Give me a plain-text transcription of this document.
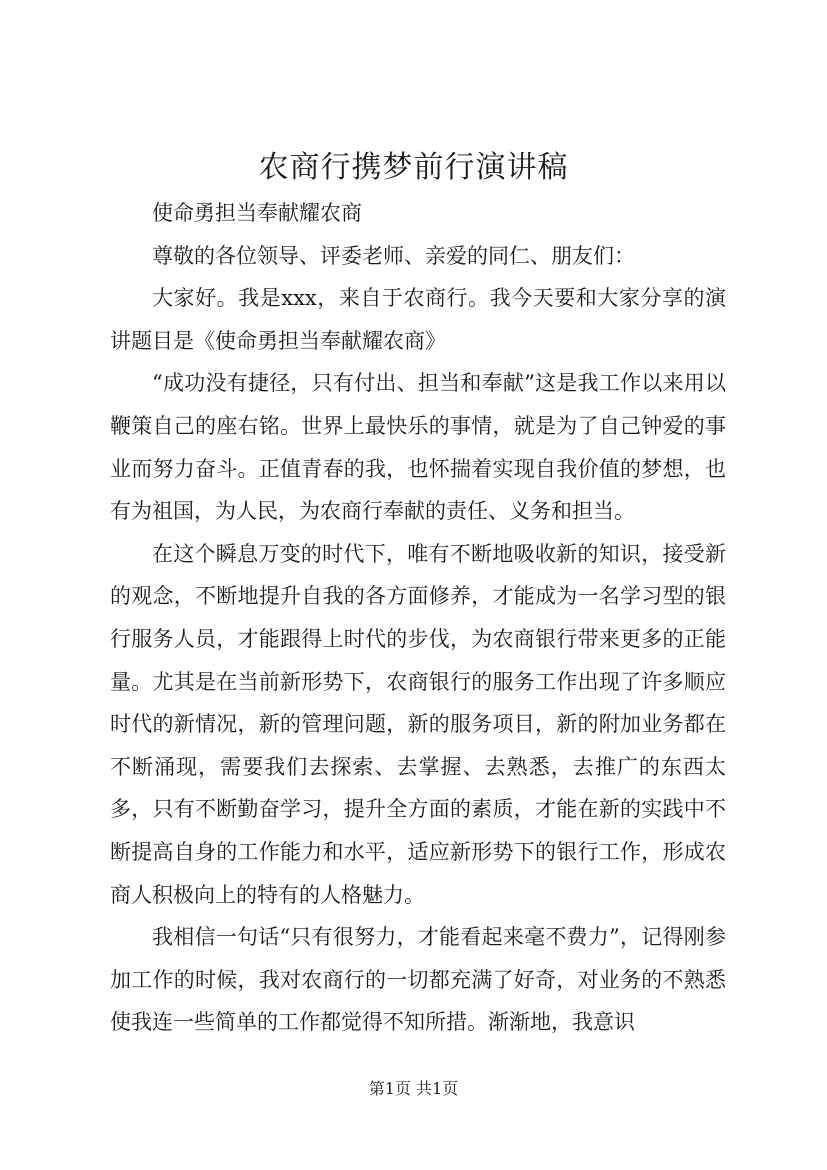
农商行携梦前行演讲稿

使命勇担当奉献耀农商

尊敬的各位领导、评委老师、亲爱的同仁、朋友们：

大家好。我是xxx，来自于农商行。我今天要和大家分享的演讲题目是《使命勇担当奉献耀农商》

“成功没有捷径，只有付出、担当和奉献”这是我工作以来用以鞭策自己的座右铭。世界上最快乐的事情，就是为了自己钟爱的事业而努力奋斗。正值青春的我，也怀揣着实现自我价值的梦想，也有为祖国，为人民，为农商行奉献的责任、义务和担当。

在这个瞬息万变的时代下，唯有不断地吸收新的知识，接受新的观念，不断地提升自我的各方面修养，才能成为一名学习型的银行服务人员，才能跟得上时代的步伐，为农商银行带来更多的正能量。尤其是在当前新形势下，农商银行的服务工作出现了许多顺应时代的新情况，新的管理问题，新的服务项目，新的附加业务都在不断涌现，需要我们去探索、去掌握、去熟悉，去推广的东西太多，只有不断勤奋学习，提升全方面的素质，才能在新的实践中不断提高自身的工作能力和水平，适应新形势下的银行工作，形成农商人积极向上的特有的人格魅力。

我相信一句话“只有很努力，才能看起来毫不费力”，记得刚参加工作的时候，我对农商行的一切都充满了好奇，对业务的不熟悉使我连一些简单的工作都觉得不知所措。渐渐地，我意识

第1页 共1页
